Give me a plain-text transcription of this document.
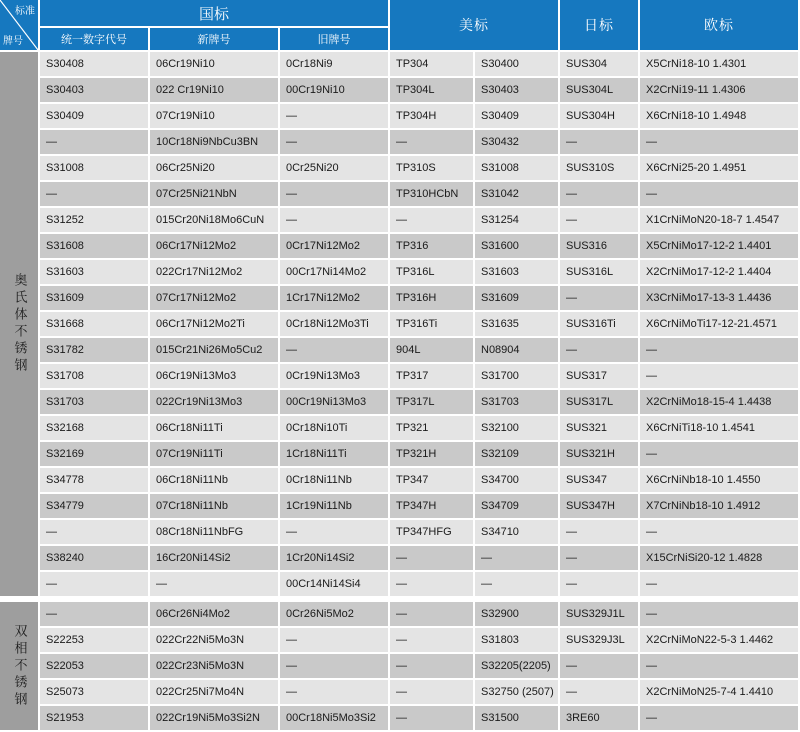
标准
牌号
国标
统一数字代号	新牌号	旧牌号
美标	日标	欧标
奥氏体不锈钢
双相不锈钢
S30408	06Cr19Ni10	0Cr18Ni9	TP304	S30400	SUS304	X5CrNi18-10 1.4301
S30403	022 Cr19Ni10	00Cr19Ni10	TP304L	S30403	SUS304L	X2CrNi19-11 1.4306
S30409	07Cr19Ni10	—	TP304H	S30409	SUS304H	X6CrNi18-10 1.4948
—	10Cr18Ni9NbCu3BN	—	—	S30432	—	—
S31008	06Cr25Ni20	0Cr25Ni20	TP310S	S31008	SUS310S	X6CrNi25-20 1.4951
—	07Cr25Ni21NbN	—	TP310HCbN	S31042	—	—
S31252	015Cr20Ni18Mo6CuN	—	—	S31254	—	X1CrNiMoN20-18-7 1.4547
S31608	06Cr17Ni12Mo2	0Cr17Ni12Mo2	TP316	S31600	SUS316	X5CrNiMo17-12-2 1.4401
S31603	022Cr17Ni12Mo2	00Cr17Ni14Mo2	TP316L	S31603	SUS316L	X2CrNiMo17-12-2 1.4404
S31609	07Cr17Ni12Mo2	1Cr17Ni12Mo2	TP316H	S31609	—	X3CrNiMo17-13-3 1.4436
S31668	06Cr17Ni12Mo2Ti	0Cr18Ni12Mo3Ti	TP316Ti	S31635	SUS316Ti	X6CrNiMoTi17-12-21.4571
S31782	015Cr21Ni26Mo5Cu2	—	904L	N08904	—	—
S31708	06Cr19Ni13Mo3	0Cr19Ni13Mo3	TP317	S31700	SUS317	—
S31703	022Cr19Ni13Mo3	00Cr19Ni13Mo3	TP317L	S31703	SUS317L	X2CrNiMo18-15-4 1.4438
S32168	06Cr18Ni11Ti	0Cr18Ni10Ti	TP321	S32100	SUS321	X6CrNiTi18-10 1.4541
S32169	07Cr19Ni11Ti	1Cr18Ni11Ti	TP321H	S32109	SUS321H	—
S34778	06Cr18Ni11Nb	0Cr18Ni11Nb	TP347	S34700	SUS347	X6CrNiNb18-10 1.4550
S34779	07Cr18Ni11Nb	1Cr19Ni11Nb	TP347H	S34709	SUS347H	X7CrNiNb18-10 1.4912
—	08Cr18Ni11NbFG	—	TP347HFG	S34710	—	—
S38240	16Cr20Ni14Si2	1Cr20Ni14Si2	—	—	—	X15CrNiSi20-12 1.4828
—	—	00Cr14Ni14Si4	—	—	—	—
—	06Cr26Ni4Mo2	0Cr26Ni5Mo2	—	S32900	SUS329J1L	—
S22253	022Cr22Ni5Mo3N	—	—	S31803	SUS329J3L	X2CrNiMoN22-5-3 1.4462
S22053	022Cr23Ni5Mo3N	—	—	S32205(2205)	—	—
S25073	022Cr25Ni7Mo4N	—	—	S32750 (2507)	—	X2CrNiMoN25-7-4 1.4410
S21953	022Cr19Ni5Mo3Si2N	00Cr18Ni5Mo3Si2	—	S31500	3RE60	—
